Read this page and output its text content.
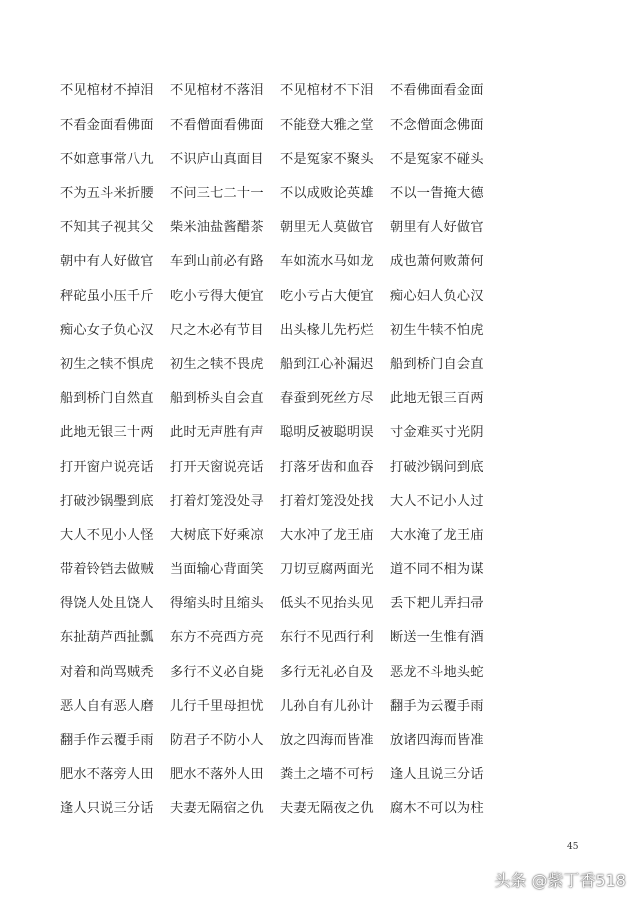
不见棺材不掉泪	不见棺材不落泪	不见棺材不下泪	不看佛面看金面
不看金面看佛面	不看僧面看佛面	不能登大雅之堂	不念僧面念佛面
不如意事常八九	不识庐山真面目	不是冤家不聚头	不是冤家不碰头
不为五斗米折腰	不问三七二十一	不以成败论英雄	不以一眚掩大德
不知其子视其父	柴米油盐酱醋茶	朝里无人莫做官	朝里有人好做官
朝中有人好做官	车到山前必有路	车如流水马如龙	成也萧何败萧何
秤砣虽小压千斤	吃小亏得大便宜	吃小亏占大便宜	痴心妇人负心汉
痴心女子负心汉	尺之木必有节目	出头椽儿先朽烂	初生牛犊不怕虎
初生之犊不惧虎	初生之犊不畏虎	船到江心补漏迟	船到桥门自会直
船到桥门自然直	船到桥头自会直	春蚕到死丝方尽	此地无银三百两
此地无银三十两	此时无声胜有声	聪明反被聪明误	寸金难买寸光阴
打开窗户说亮话	打开天窗说亮话	打落牙齿和血吞	打破沙锅问到底
打破沙锅璺到底	打着灯笼没处寻	打着灯笼没处找	大人不记小人过
大人不见小人怪	大树底下好乘凉	大水冲了龙王庙	大水淹了龙王庙
带着铃铛去做贼	当面输心背面笑	刀切豆腐两面光	道不同不相为谋
得饶人处且饶人	得缩头时且缩头	低头不见抬头见	丢下耙儿弄扫帚
东扯葫芦西扯瓢	东方不亮西方亮	东行不见西行利	断送一生惟有酒
对着和尚骂贼秃	多行不义必自毙	多行无礼必自及	恶龙不斗地头蛇
恶人自有恶人磨	儿行千里母担忧	儿孙自有儿孙计	翻手为云覆手雨
翻手作云覆手雨	防君子不防小人	放之四海而皆准	放诸四海而皆准
肥水不落旁人田	肥水不落外人田	粪土之墙不可杇	逢人且说三分话
逢人只说三分话	夫妻无隔宿之仇	夫妻无隔夜之仇	腐木不可以为柱
45
头条 @紫丁香518
